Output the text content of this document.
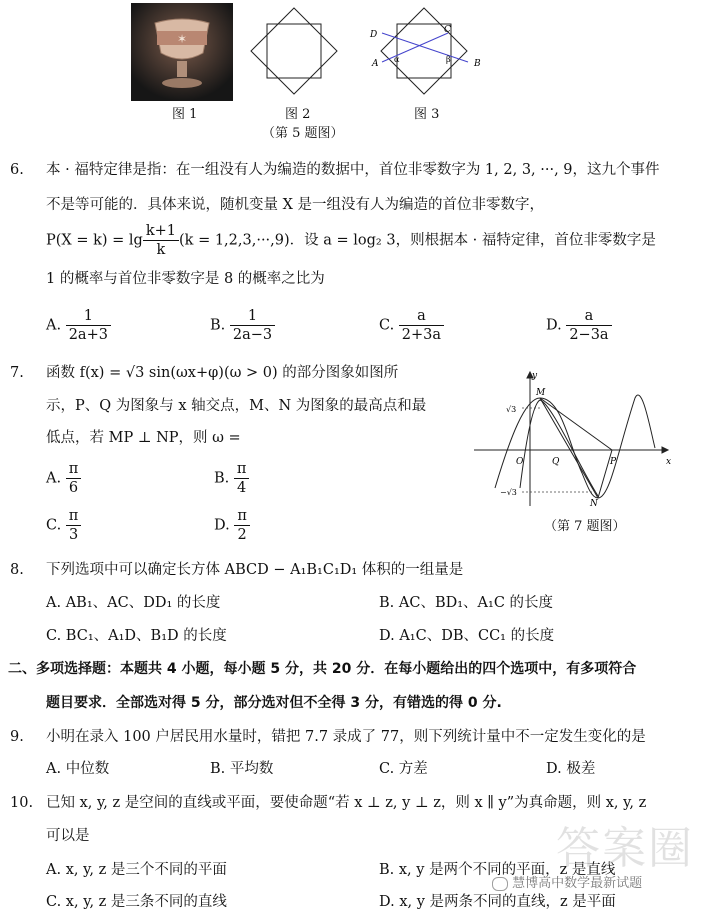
✶
图 1	图 2
D	C
A	B
α	β
图 3
（第 5 题图）
6. 本 · 福特定律是指：在一组没有人为编造的数据中，首位非零数字为 1, 2, 3, ···, 9，这九个事件
不是等可能的．具体来说，随机变量 X 是一组没有人为编造的首位非零数字，
$P(X = k) = \lg \frac{k+1}{k} (k = 1,2,3,\cdot\cdot\cdot,9)$．设 a = log₂ 3，则根据本 · 福特定律，首位非零数字是
1 的概率与首位非零数字是 8 的概率之比为
A. $\frac{1}{2a+3}$	B. $\frac{1}{2a-3}$	C. $\frac{a}{2+3a}$	D. $\frac{a}{2-3a}$
7. 函数 f(x) = √3 sin(ωx+φ)(ω > 0) 的部分图象如图所
示，P、Q 为图象与 x 轴交点，M、N 为图象的最高点和最
低点，若 MP ⊥ NP，则 ω =
A. $\frac{\pi}{6}$	B. $\frac{\pi}{4}$
C. $\frac{\pi}{3}$	D. $\frac{\pi}{2}$
y
x
O
M
N
P
Q
√3
−√3
（第 7 题图）
8. 下列选项中可以确定长方体 ABCD − A₁B₁C₁D₁ 体积的一组量是
A. AB₁、AC、DD₁ 的长度	B. AC、BD₁、A₁C 的长度
C. BC₁、A₁D、B₁D 的长度	D. A₁C、DB、CC₁ 的长度
二、多项选择题：本题共 4 小题，每小题 5 分，共 20 分．在每小题给出的四个选项中，有多项符合
题目要求．全部选对得 5 分，部分选对但不全得 3 分，有错选的得 0 分.
9. 小明在录入 100 户居民用水量时，错把 7.7 录成了 77，则下列统计量中不一定发生变化的是
A. 中位数	B. 平均数	C. 方差	D. 极差
10. 已知 x, y, z 是空间的直线或平面，要使命题“若 x ⊥ z, y ⊥ z，则 x ∥ y”为真命题，则 x, y, z
可以是
A. x, y, z 是三个不同的平面	B. x, y 是两个不同的平面，z 是直线
C. x, y, z 是三条不同的直线	D. x, y 是两条不同的直线，z 是平面
答案圈
慧博高中数学最新试题
